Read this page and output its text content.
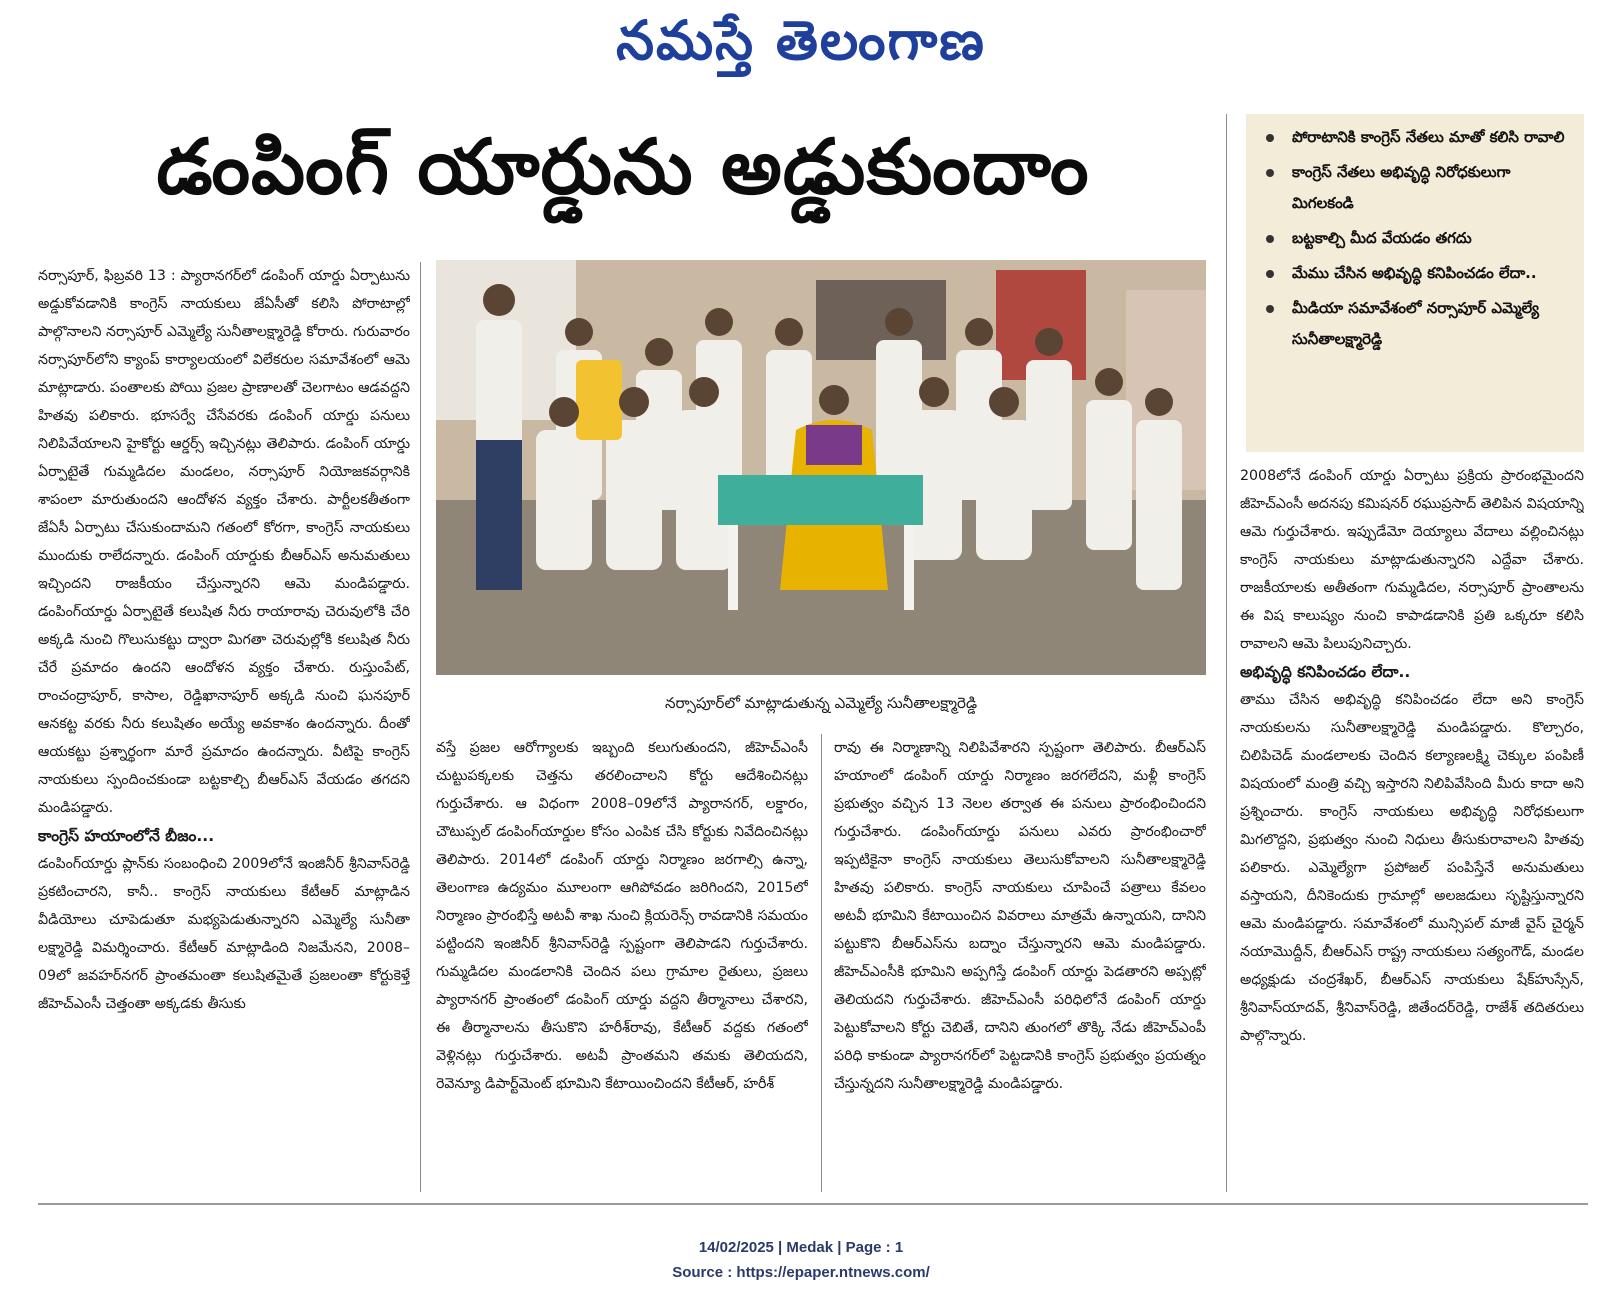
నమస్తే తెలంగాణ
డంపింగ్ యార్డును అడ్డుకుందాం	పోరాటానికి కాంగ్రెస్ నేతలు మాతో కలిసి రావాలి
కాంగ్రెస్ నేతలు అభివృద్ధి నిరోధకులుగా మిగలకండి
బట్టకాల్చి మీద వేయడం తగదు
మేము చేసిన అభివృద్ధి కనిపించడం లేదా..
మీడియా సమావేశంలో నర్సాపూర్ ఎమ్మెల్యే సునీతాలక్ష్మారెడ్డి
నర్సాపూర్‌లో మాట్లాడుతున్న ఎమ్మెల్యే సునీతాలక్ష్మారెడ్డి

నర్సాపూర్, ఫిబ్రవరి 13 : ప్యారానగర్‌లో డంపింగ్ యార్డు ఏర్పాటును అడ్డుకోవడానికి కాంగ్రెస్ నాయకులు జేఏసీతో కలిసి పోరాటాల్లో పాల్గొనాలని నర్సాపూర్ ఎమ్మెల్యే సునీతాలక్ష్మారెడ్డి కోరారు. గురువారం నర్సాపూర్‌లోని క్యాంప్ కార్యాలయంలో విలేకరుల సమావేశంలో ఆమె మాట్లాడారు. పంతాలకు పోయి ప్రజల ప్రాణాలతో చెలగాటం ఆడవద్దని హితవు పలికారు. భూసర్వే చేసేవరకు డంపింగ్ యార్డు పనులు నిలిపివేయాలని హైకోర్టు ఆర్డర్స్ ఇచ్చినట్లు తెలిపారు. డంపింగ్ యార్డు ఏర్పాటైతే గుమ్మడిదల మండలం, నర్సాపూర్ నియోజకవర్గానికి శాపంలా మారుతుందని ఆందోళన వ్యక్తం చేశారు. పార్టీలకతీతంగా జేఏసీ ఏర్పాటు చేసుకుందామని గతంలో కోరగా, కాంగ్రెస్ నాయకులు ముందుకు రాలేదన్నారు. డంపింగ్ యార్డుకు బీఆర్ఎస్ అనుమతులు ఇచ్చిందని రాజకీయం చేస్తున్నారని ఆమె మండిపడ్డారు. డంపింగ్‌యార్డు ఏర్పాటైతే కలుషిత నీరు రాయారావు చెరువులోకి చేరి అక్కడి నుంచి గొలుసుకట్టు ద్వారా మిగతా చెరువుల్లోకి కలుషిత నీరు చేరే ప్రమాదం ఉందని ఆందోళన వ్యక్తం చేశారు. రుస్తుంపేట్, రాంచంద్రాపూర్, కాసాల, రెడ్డిఖానాపూర్ అక్కడి నుంచి ఘనపూర్ ఆనకట్ట వరకు నీరు కలుషితం అయ్యే అవకాశం ఉందన్నారు. దీంతో ఆయకట్టు ప్రశ్నార్థంగా మారే ప్రమాదం ఉందన్నారు. వీటిపై కాంగ్రెస్ నాయకులు స్పందించకుండా బట్టకాల్చి బీఆర్ఎస్ వేయడం తగదని మండిపడ్డారు.

కాంగ్రెస్ హయాంలోనే బీజం...

డంపింగ్‌యార్డు ప్లాన్‌కు సంబంధించి 2009లోనే ఇంజినీర్ శ్రీనివాస్‌రెడ్డి ప్రకటించారని, కానీ.. కాంగ్రెస్ నాయకులు కేటీఆర్ మాట్లాడిన వీడియోలు చూపెడుతూ మభ్యపెడుతున్నారని ఎమ్మెల్యే సునీతా లక్ష్మారెడ్డి విమర్శించారు. కేటీఆర్ మాట్లాడింది నిజమేనని, 2008–09లో జవహర్‌నగర్ ప్రాంతమంతా కలుషితమైతే ప్రజలంతా కోర్టుకెళ్తే జీహెచ్‌ఎంసీ చెత్తంతా అక్కడకు తీసుకు

వస్తే ప్రజల ఆరోగ్యాలకు ఇబ్బంది కలుగుతుందని, జీహెచ్‌ఎంసీ చుట్టుపక్కలకు చెత్తను తరలించాలని కోర్టు ఆదేశించినట్లు గుర్తుచేశారు. ఆ విధంగా 2008–09లోనే ప్యారానగర్, లక్డారం, చౌటుప్పల్ డంపింగ్‌యార్డుల కోసం ఎంపిక చేసి కోర్టుకు నివేదించినట్లు తెలిపారు. 2014లో డంపింగ్ యార్డు నిర్మాణం జరగాల్సి ఉన్నా, తెలంగాణ ఉద్యమం మూలంగా ఆగిపోవడం జరిగిందని, 2015లో నిర్మాణం ప్రారంభిస్తే అటవీ శాఖ నుంచి క్లియరెన్స్ రావడానికి సమయం పట్టిందని ఇంజినీర్ శ్రీనివాస్‌రెడ్డి స్పష్టంగా తెలిపాడని గుర్తుచేశారు. గుమ్మడిదల మండలానికి చెందిన పలు గ్రామాల రైతులు, ప్రజలు ప్యారానగర్ ప్రాంతంలో డంపింగ్ యార్డు వద్దని తీర్మానాలు చేశారని, ఈ తీర్మానాలను తీసుకొని హరీశ్‌రావు, కేటీఆర్ వద్దకు గతంలో వెళ్లినట్లు గుర్తుచేశారు. అటవీ ప్రాంతమని తమకు తెలియదని, రెవెన్యూ డిపార్ట్‌మెంట్ భూమిని కేటాయించిందని కేటీఆర్, హరీశ్

రావు ఈ నిర్మాణాన్ని నిలిపివేశారని స్పష్టంగా తెలిపారు. బీఆర్ఎస్ హయాంలో డంపింగ్ యార్డు నిర్మాణం జరగలేదని, మళ్లీ కాంగ్రెస్ ప్రభుత్వం వచ్చిన 13 నెలల తర్వాత ఈ పనులు ప్రారంభించిందని గుర్తుచేశారు. డంపింగ్‌యార్డు పనులు ఎవరు ప్రారంభించారో ఇప్పటికైనా కాంగ్రెస్ నాయకులు తెలుసుకోవాలని సునీతాలక్ష్మారెడ్డి హితవు పలికారు. కాంగ్రెస్ నాయకులు చూపించే పత్రాలు కేవలం అటవీ భూమిని కేటాయించిన వివరాలు మాత్రమే ఉన్నాయని, దానిని పట్టుకొని బీఆర్ఎస్‌ను బద్నాం చేస్తున్నారని ఆమె మండిపడ్డారు. జీహెచ్‌ఎంసీకి భూమిని అప్పగిస్తే డంపింగ్ యార్డు పెడతారని అప్పట్లో తెలియదని గుర్తుచేశారు. జీహెచ్‌ఎంసీ పరిధిలోనే డంపింగ్ యార్డు పెట్టుకోవాలని కోర్టు చెబితే, దానిని తుంగలో తొక్కి నేడు జీహెచ్‌ఎంపీ పరిధి కాకుండా ప్యారానగర్‌లో పెట్టడానికి కాంగ్రెస్ ప్రభుత్వం ప్రయత్నం చేస్తున్నదని సునీతాలక్ష్మారెడ్డి మండిపడ్డారు.

2008లోనే డంపింగ్ యార్డు ఏర్పాటు ప్రక్రియ ప్రారంభమైందని జీహెచ్‌ఎంసీ అదనపు కమిషనర్ రఘుప్రసాద్ తెలిపిన విషయాన్ని ఆమె గుర్తుచేశారు. ఇప్పుడేమో దెయ్యాలు వేదాలు వల్లించినట్లు కాంగ్రెస్ నాయకులు మాట్లాడుతున్నారని ఎద్దేవా చేశారు. రాజకీయాలకు అతీతంగా గుమ్మడిదల, నర్సాపూర్ ప్రాంతాలను ఈ విష కాలుష్యం నుంచి కాపాడడానికి ప్రతి ఒక్కరూ కలిసి రావాలని ఆమె పిలుపునిచ్చారు.

అభివృద్ధి కనిపించడం లేదా..

తాము చేసిన అభివృద్ధి కనిపించడం లేదా అని కాంగ్రెస్ నాయకులను సునీతాలక్ష్మారెడ్డి మండిపడ్డారు. కొల్చారం, చిలిపిచెడ్ మండలాలకు చెందిన కల్యాణలక్ష్మి చెక్కుల పంపిణీ విషయంలో మంత్రి వచ్చి ఇస్తారని నిలిపివేసింది మీరు కాదా అని ప్రశ్నించారు. కాంగ్రెస్ నాయకులు అభివృద్ధి నిరోధకులుగా మిగలొద్దని, ప్రభుత్వం నుంచి నిధులు తీసుకురావాలని హితవు పలికారు. ఎమ్మెల్యేగా ప్రపోజల్ పంపిస్తేనే అనుమతులు వస్తాయని, దీనికెందుకు గ్రామాల్లో అలజడులు సృష్టిస్తున్నారని ఆమె మండిపడ్డారు. సమావేశంలో మున్సిపల్ మాజీ వైస్ చైర్మన్ నయామొద్దీన్, బీఆర్ఎస్ రాష్ట్ర నాయకులు సత్యంగౌడ్, మండల అధ్యక్షుడు చంద్రశేఖర్, బీఆర్ఎస్ నాయకులు షేక్‌హుస్సేన్, శ్రీనివాస్‌యాదవ్, శ్రీనివాస్‌రెడ్డి, జితేందర్‌రెడ్డి, రాజేశ్ తదితరులు పాల్గొన్నారు.

14/02/2025 | Medak | Page : 1
Source : https://epaper.ntnews.com/
